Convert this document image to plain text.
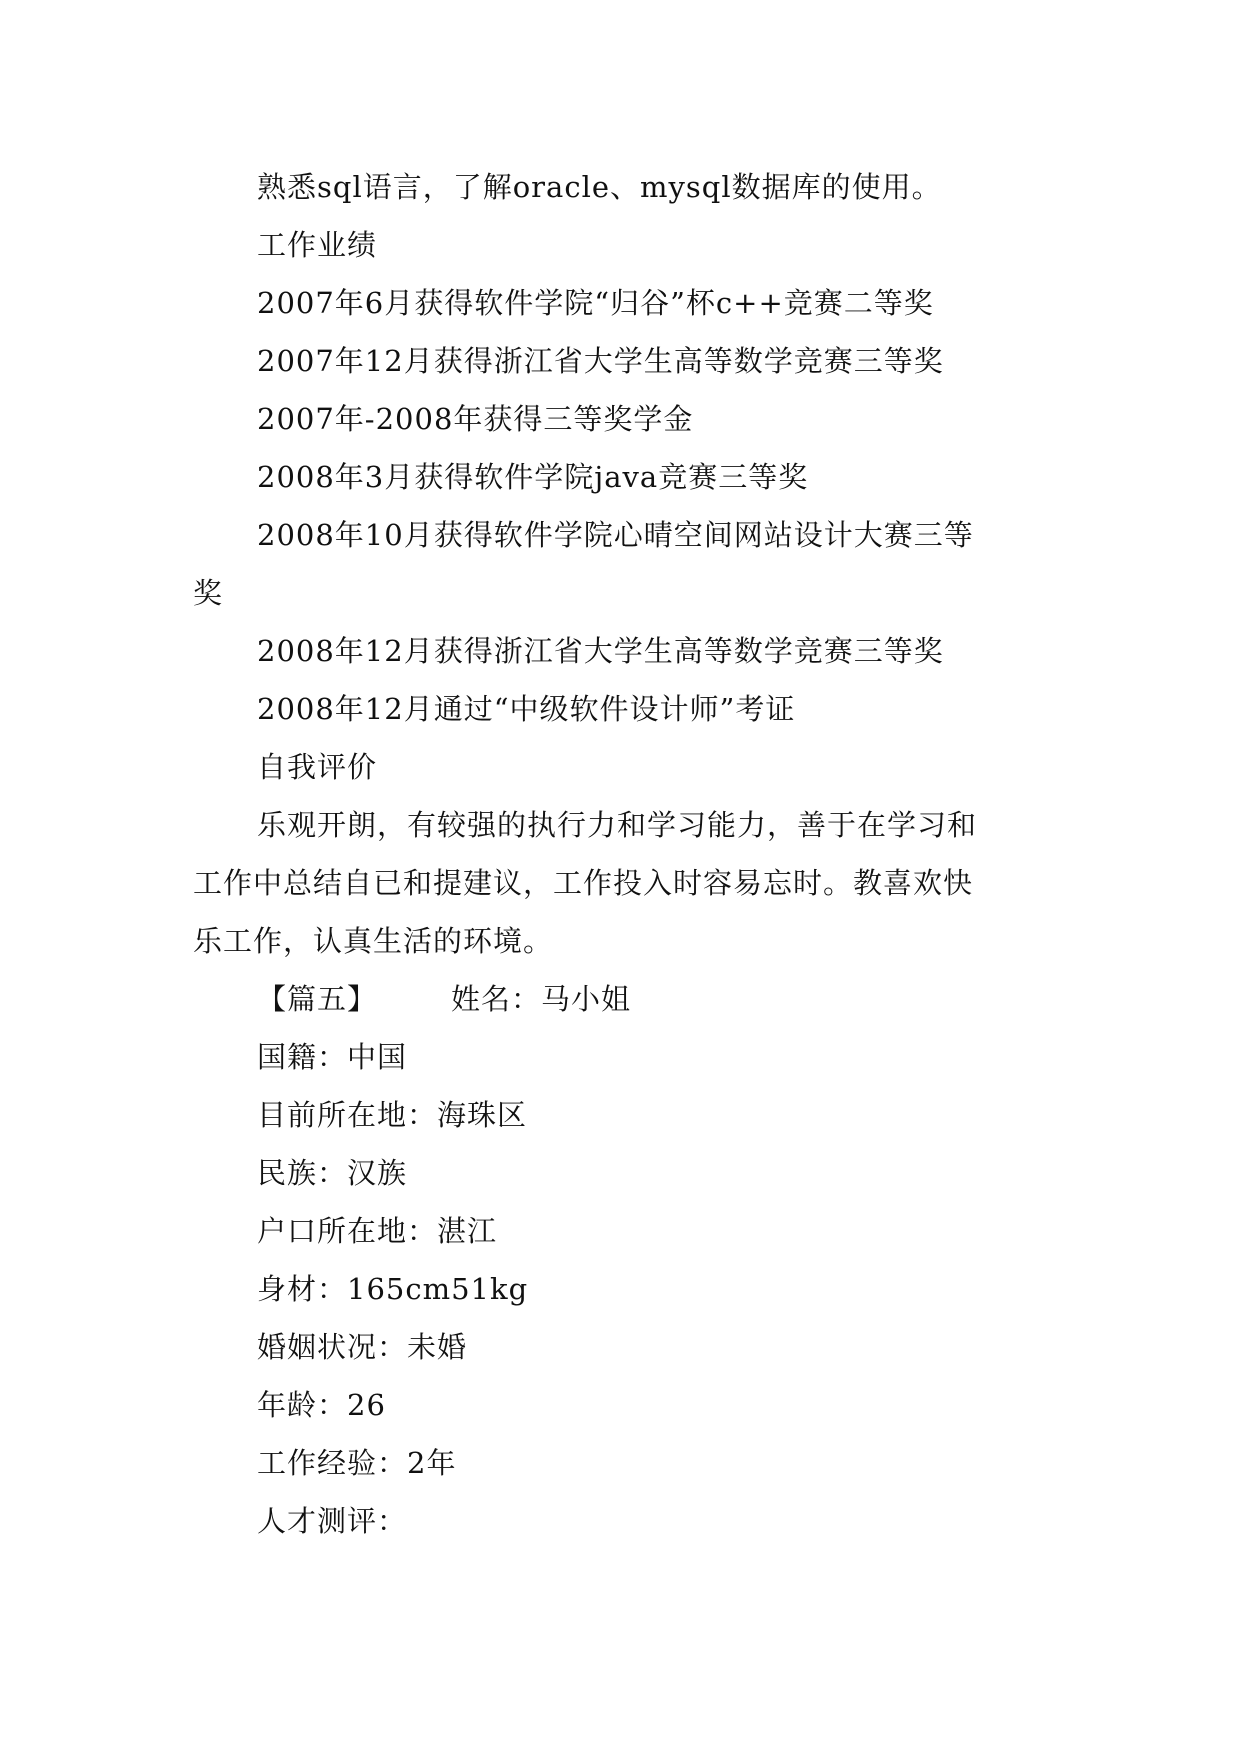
熟悉sql语言，了解oracle、mysql数据库的使用。
工作业绩
2007年6月获得软件学院“归谷”杯c++竞赛二等奖
2007年12月获得浙江省大学生高等数学竞赛三等奖
2007年-2008年获得三等奖学金
2008年3月获得软件学院java竞赛三等奖
2008年10月获得软件学院心晴空间网站设计大赛三等
奖
2008年12月获得浙江省大学生高等数学竞赛三等奖
2008年12月通过“中级软件设计师”考证
自我评价
乐观开朗，有较强的执行力和学习能力，善于在学习和
工作中总结自已和提建议，工作投入时容易忘时。教喜欢快
乐工作，认真生活的环境。
【篇五】	姓名：马小姐
国籍：中国
目前所在地：海珠区
民族：汉族
户口所在地：湛江
身材：165cm51kg
婚姻状况：未婚
年龄：26
工作经验：2年
人才测评：
